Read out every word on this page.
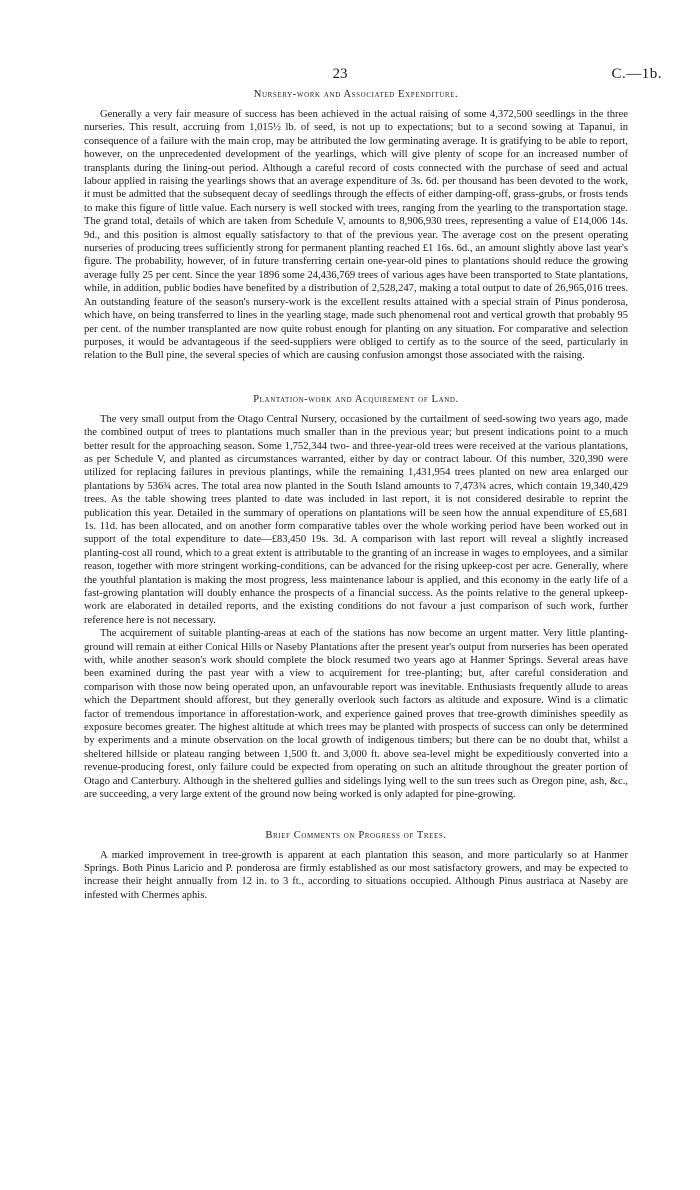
23	C.—1b.
Nursery-work and Associated Expenditure.

Generally a very fair measure of success has been achieved in the actual raising of some 4,372,500 seedlings in the three nurseries. This result, accruing from 1,015½ lb. of seed, is not up to expectations; but to a second sowing at Tapanui, in consequence of a failure with the main crop, may be attributed the low germinating average. It is gratifying to be able to report, however, on the unprecedented development of the yearlings, which will give plenty of scope for an increased number of transplants during the lining-out period. Although a careful record of costs connected with the purchase of seed and actual labour applied in raising the yearlings shows that an average expenditure of 3s. 6d. per thousand has been devoted to the work, it must be admitted that the subsequent decay of seedlings through the effects of either damping-off, grass-grubs, or frosts tends to make this figure of little value. Each nursery is well stocked with trees, ranging from the yearling to the transportation stage. The grand total, details of which are taken from Schedule V, amounts to 8,906,930 trees, representing a value of £14,006 14s. 9d., and this position is almost equally satisfactory to that of the previous year. The average cost on the present operating nurseries of producing trees sufficiently strong for permanent planting reached £1 16s. 6d., an amount slightly above last year's figure. The probability, however, of in future transferring certain one-year-old pines to plantations should reduce the growing average fully 25 per cent. Since the year 1896 some 24,436,769 trees of various ages have been transported to State plantations, while, in addition, public bodies have benefited by a distribution of 2,528,247, making a total output to date of 26,965,016 trees. An outstanding feature of the season's nursery-work is the excellent results attained with a special strain of Pinus ponderosa, which have, on being transferred to lines in the yearling stage, made such phenomenal root and vertical growth that probably 95 per cent. of the number transplanted are now quite robust enough for planting on any situation. For comparative and selection purposes, it would be advantageous if the seed-suppliers were obliged to certify as to the source of the seed, particularly in relation to the Bull pine, the several species of which are causing confusion amongst those associated with the raising.

Plantation-work and Acquirement of Land.

The very small output from the Otago Central Nursery, occasioned by the curtailment of seed-sowing two years ago, made the combined output of trees to plantations much smaller than in the previous year; but present indications point to a much better result for the approaching season. Some 1,752,344 two- and three-year-old trees were received at the various plantations, as per Schedule V, and planted as circumstances warranted, either by day or contract labour. Of this number, 320,390 were utilized for replacing failures in previous plantings, while the remaining 1,431,954 trees planted on new area enlarged our plantations by 536¾ acres. The total area now planted in the South Island amounts to 7,473¾ acres, which contain 19,340,429 trees. As the table showing trees planted to date was included in last report, it is not considered desirable to reprint the publication this year. Detailed in the summary of operations on plantations will be seen how the annual expenditure of £5,681 1s. 11d. has been allocated, and on another form comparative tables over the whole working period have been worked out in support of the total expenditure to date—£83,450 19s. 3d. A comparison with last report will reveal a slightly increased planting-cost all round, which to a great extent is attributable to the granting of an increase in wages to employees, and a similar reason, together with more stringent working-conditions, can be advanced for the rising upkeep-cost per acre. Generally, where the youthful plantation is making the most progress, less maintenance labour is applied, and this economy in the early life of a fast-growing plantation will doubly enhance the prospects of a financial success. As the points relative to the general upkeep-work are elaborated in detailed reports, and the existing conditions do not favour a just comparison of such work, further reference here is not necessary.

The acquirement of suitable planting-areas at each of the stations has now become an urgent matter. Very little planting-ground will remain at either Conical Hills or Naseby Plantations after the present year's output from nurseries has been operated with, while another season's work should complete the block resumed two years ago at Hanmer Springs. Several areas have been examined during the past year with a view to acquirement for tree-planting; but, after careful consideration and comparison with those now being operated upon, an unfavourable report was inevitable. Enthusiasts frequently allude to areas which the Department should afforest, but they generally overlook such factors as altitude and exposure. Wind is a climatic factor of tremendous importance in afforestation-work, and experience gained proves that tree-growth diminishes speedily as exposure becomes greater. The highest altitude at which trees may be planted with prospects of success can only be determined by experiments and a minute observation on the local growth of indigenous timbers; but there can be no doubt that, whilst a sheltered hillside or plateau ranging between 1,500 ft. and 3,000 ft. above sea-level might be expeditiously converted into a revenue-producing forest, only failure could be expected from operating on such an altitude throughout the greater portion of Otago and Canterbury. Although in the sheltered gullies and sidelings lying well to the sun trees such as Oregon pine, ash, &c., are succeeding, a very large extent of the ground now being worked is only adapted for pine-growing.

Brief Comments on Progress of Trees.

A marked improvement in tree-growth is apparent at each plantation this season, and more particularly so at Hanmer Springs. Both Pinus Laricio and P. ponderosa are firmly established as our most satisfactory growers, and may be expected to increase their height annually from 12 in. to 3 ft., according to situations occupied. Although Pinus austriaca at Naseby are infested with Chermes aphis.
